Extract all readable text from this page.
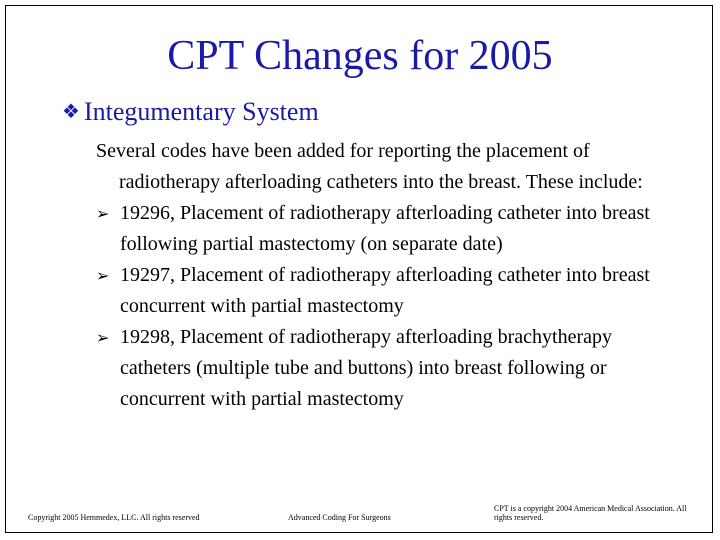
CPT Changes for 2005
❖ Integumentary System

Several codes have been added for reporting the placement of radiotherapy afterloading catheters into the breast. These include:

➢ 19296, Placement of radiotherapy afterloading catheter into breast following partial mastectomy (on separate date)
➢ 19297, Placement of radiotherapy afterloading catheter into breast concurrent with partial mastectomy
➢ 19298, Placement of radiotherapy afterloading brachytherapy catheters (multiple tube and buttons) into breast following or concurrent with partial mastectomy
Copyright 2005 Hemmedex, LLC. All rights reserved	Advanced Coding For Surgeons
CPT is a copyright 2004 American Medical Association. All rights reserved.
